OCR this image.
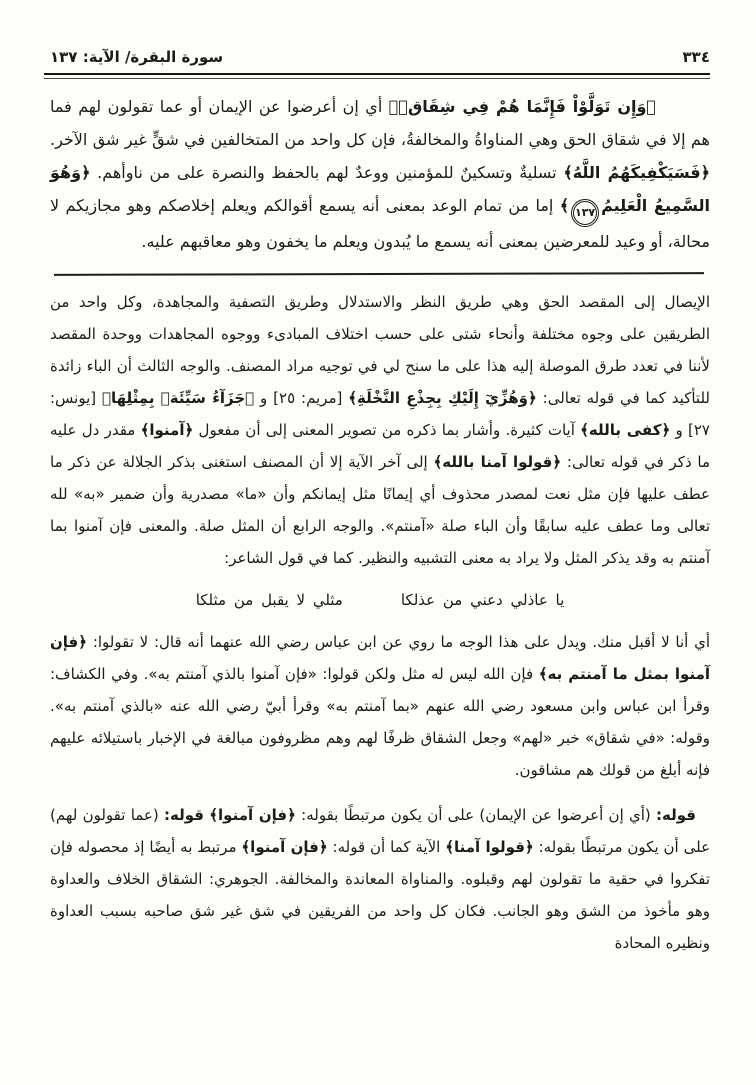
٣٣٤
سورة البقرة/ الآية: ١٣٧

﴿وَإِن تَوَلَّوْاْ فَإِنَّمَا هُمْ فِي شِقَاقٖ﴾ أي إن أعرضوا عن الإيمان أو عما تقولون لهم فما هم إلا في شقاق الحق وهي المناواةُ والمخالفةُ، فإن كل واحد من المتخالفين في شقٍّ غير شق الآخر. ﴿فَسَيَكْفِيكَهُمُ اللَّهُ﴾ تسليةٌ وتسكينٌ للمؤمنين ووعدٌ لهم بالحفظ والنصرة على من ناوأهم. ﴿وَهُوَ السَّمِيعُ الْعَلِيمُ١٣٧﴾ إما من تمام الوعد بمعنى أنه يسمع أقوالكم ويعلم إخلاصكم وهو مجازيكم لا محالة، أو وعيد للمعرضين بمعنى أنه يسمع ما يُبدون ويعلم ما يخفون وهو معاقبهم عليه.

الإيصال إلى المقصد الحق وهي طريق النظر والاستدلال وطريق التصفية والمجاهدة، وكل واحد من الطريقين على وجوه مختلفة وأنحاء شتى على حسب اختلاف المبادىء ووجوه المجاهدات ووحدة المقصد لأننا في تعدد طرق الموصلة إليه هذا على ما سنح لي في توجيه مراد المصنف. والوجه الثالث أن الباء زائدة للتأكيد كما في قوله تعالى: ﴿وَهُزِّيٓ إِلَيْكِ بِجِذْعِ النَّخْلَةِ﴾ [مريم: ٢٥] و ﴿جَزَآءُ سَيِّئَةٖ بِمِثْلِهَا﴾ [يونس: ٢٧] و ﴿كفى بالله﴾ آيات كثيرة. وأشار بما ذكره من تصوير المعنى إلى أن مفعول ﴿آمنوا﴾ مقدر دل عليه ما ذكر في قوله تعالى: ﴿قولوا آمنا بالله﴾ إلى آخر الآية إلا أن المصنف استغنى بذكر الجلالة عن ذكر ما عطف عليها فإن مثل نعت لمصدر محذوف أي إيمانًا مثل إيمانكم وأن «ما» مصدرية وأن ضمير «به» لله تعالى وما عطف عليه سابقًا وأن الباء صلة «آمنتم». والوجه الرابع أن المثل صلة. والمعنى فإن آمنوا بما آمنتم به وقد يذكر المثل ولا يراد به معنى التشبيه والنظير. كما في قول الشاعر:

يا عاذلي دعني من عذلكا
مثلي لا يقبل من مثلكا

أي أنا لا أقبل منك. ويدل على هذا الوجه ما روي عن ابن عباس رضي الله عنهما أنه قال: لا تقولوا: ﴿فإن آمنوا بمثل ما آمنتم به﴾ فإن الله ليس له مثل ولكن قولوا: «فإن آمنوا بالذي آمنتم به». وفي الكشاف: وقرأ ابن عباس وابن مسعود رضي الله عنهم «بما آمنتم به» وقرأ أبيّ رضي الله عنه «بالذي آمنتم به». وقوله: «في شقاق» خبر «لهم» وجعل الشقاق ظرفًا لهم وهم مظروفون مبالغة في الإخبار باستيلائه عليهم فإنه أبلغ من قولك هم مشاقون.

قوله: (أي إن أعرضوا عن الإيمان) على أن يكون مرتبطًا بقوله: ﴿فإن آمنوا﴾ قوله: (عما تقولون لهم) على أن يكون مرتبطًا بقوله: ﴿قولوا آمنا﴾ الآية كما أن قوله: ﴿فإن آمنوا﴾ مرتبط به أيضًا إذ محصوله فإن تفكروا في حقية ما تقولون لهم وقبلوه. والمناواة المعاندة والمخالفة. الجوهري: الشقاق الخلاف والعداوة وهو مأخوذ من الشق وهو الجانب. فكان كل واحد من الفريقين في شق غير شق صاحبه بسبب العداوة ونظيره المحادة
